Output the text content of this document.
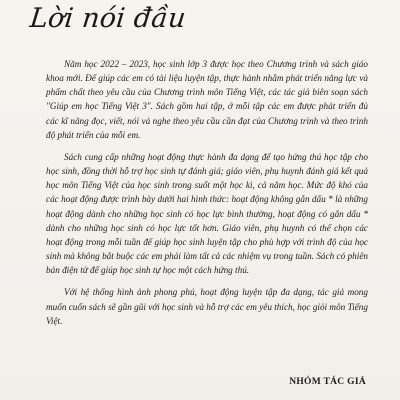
Lời nói đầu

Năm học 2022 – 2023, học sinh lớp 3 được học theo Chương trình và sách giáo khoa mới. Để giúp các em có tài liệu luyện tập, thực hành nhằm phát triển năng lực và phẩm chất theo yêu cầu của Chương trình môn Tiếng Việt, các tác giả biên soạn sách "Giúp em học Tiếng Việt 3". Sách gồm hai tập, ở mỗi tập các em được phát triển đủ các kĩ năng đọc, viết, nói và nghe theo yêu cầu cần đạt của Chương trình và theo trình độ phát triển của mỗi em.

Sách cung cấp những hoạt động thực hành đa dạng để tạo hứng thú học tập cho học sinh, đồng thời hỗ trợ học sinh tự đánh giá; giáo viên, phụ huynh đánh giá kết quả học môn Tiếng Việt của học sinh trong suốt một học kì, cả năm học. Mức độ khó của các hoạt động được trình bày dưới hai hình thức: hoạt động không gắn dấu * là những hoạt động dành cho những học sinh có học lực bình thường, hoạt động có gắn dấu * dành cho những học sinh có học lực tốt hơn. Giáo viên, phụ huynh có thể chọn các hoạt động trong mỗi tuần để giúp học sinh luyện tập cho phù hợp với trình độ của học sinh mà không bắt buộc các em phải làm tất cả các nhiệm vụ trong tuần. Sách có phiên bản điện tử để giúp học sinh tự học một cách hứng thú.

Với hệ thống hình ảnh phong phú, hoạt động luyện tập đa dạng, tác giả mong muốn cuốn sách sẽ gần gũi với học sinh và hỗ trợ các em yêu thích, học giỏi môn Tiếng Việt.

NHÓM TÁC GIẢ
